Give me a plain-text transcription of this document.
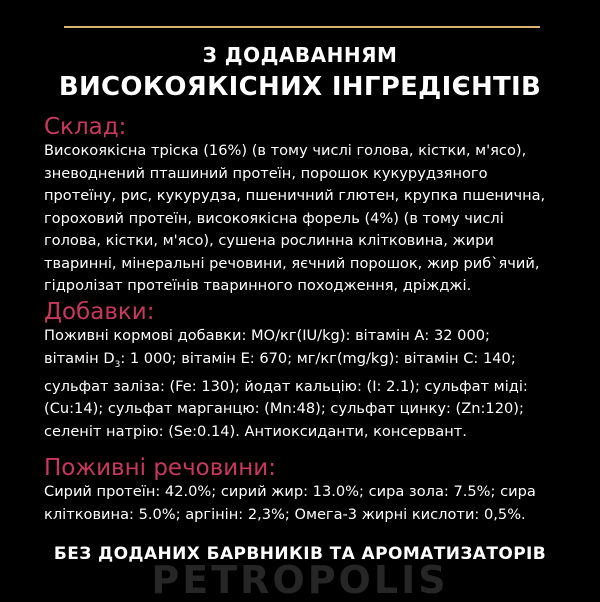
З ДОДАВАННЯМ
ВИСОКОЯКІСНИХ ІНГРЕДІЄНТІВ
Склад:
Високоякісна тріска (16%) (в тому числі голова, кістки, м'ясо),
зневоднений пташиний протеїн, порошок кукурудзяного
протеїну, рис, кукурудза, пшеничний глютен, крупка пшенична,
гороховий протеїн, високоякісна форель (4%) (в тому числі
голова, кістки, м'ясо), сушена рослинна клітковина, жири
тваринні, мінеральні речовини, яєчний порошок, жир риб`ячий,
гідролізат протеїнів тваринного походження, дріжджі.
Добавки:
Поживні кормові добавки: МО/кг(IU/kg): вітамін А: 32 000;
вітамін $D_3$: 1 000; вітамін Е: 670; мг/кг(mg/kg): вітамін С: 140;
сульфат заліза: (Fe: 130); йодат кальцію: (I: 2.1); сульфат міді:
(Cu:14); сульфат марганцю: (Mn:48); сульфат цинку: (Zn:120);
селеніт натрію: (Se:0.14). Антиоксиданти, консервант.
Поживні речовини:
Сирий протеїн: 42.0%; сирий жир: 13.0%; сира зола: 7.5%; сира
клітковина: 5.0%; аргінін: 2,3%; Омега-3 жирні кислоти: 0,5%.
PETROPOLIS
БЕЗ ДОДАНИХ БАРВНИКІВ ТА АРОМАТИЗАТОРІВ
